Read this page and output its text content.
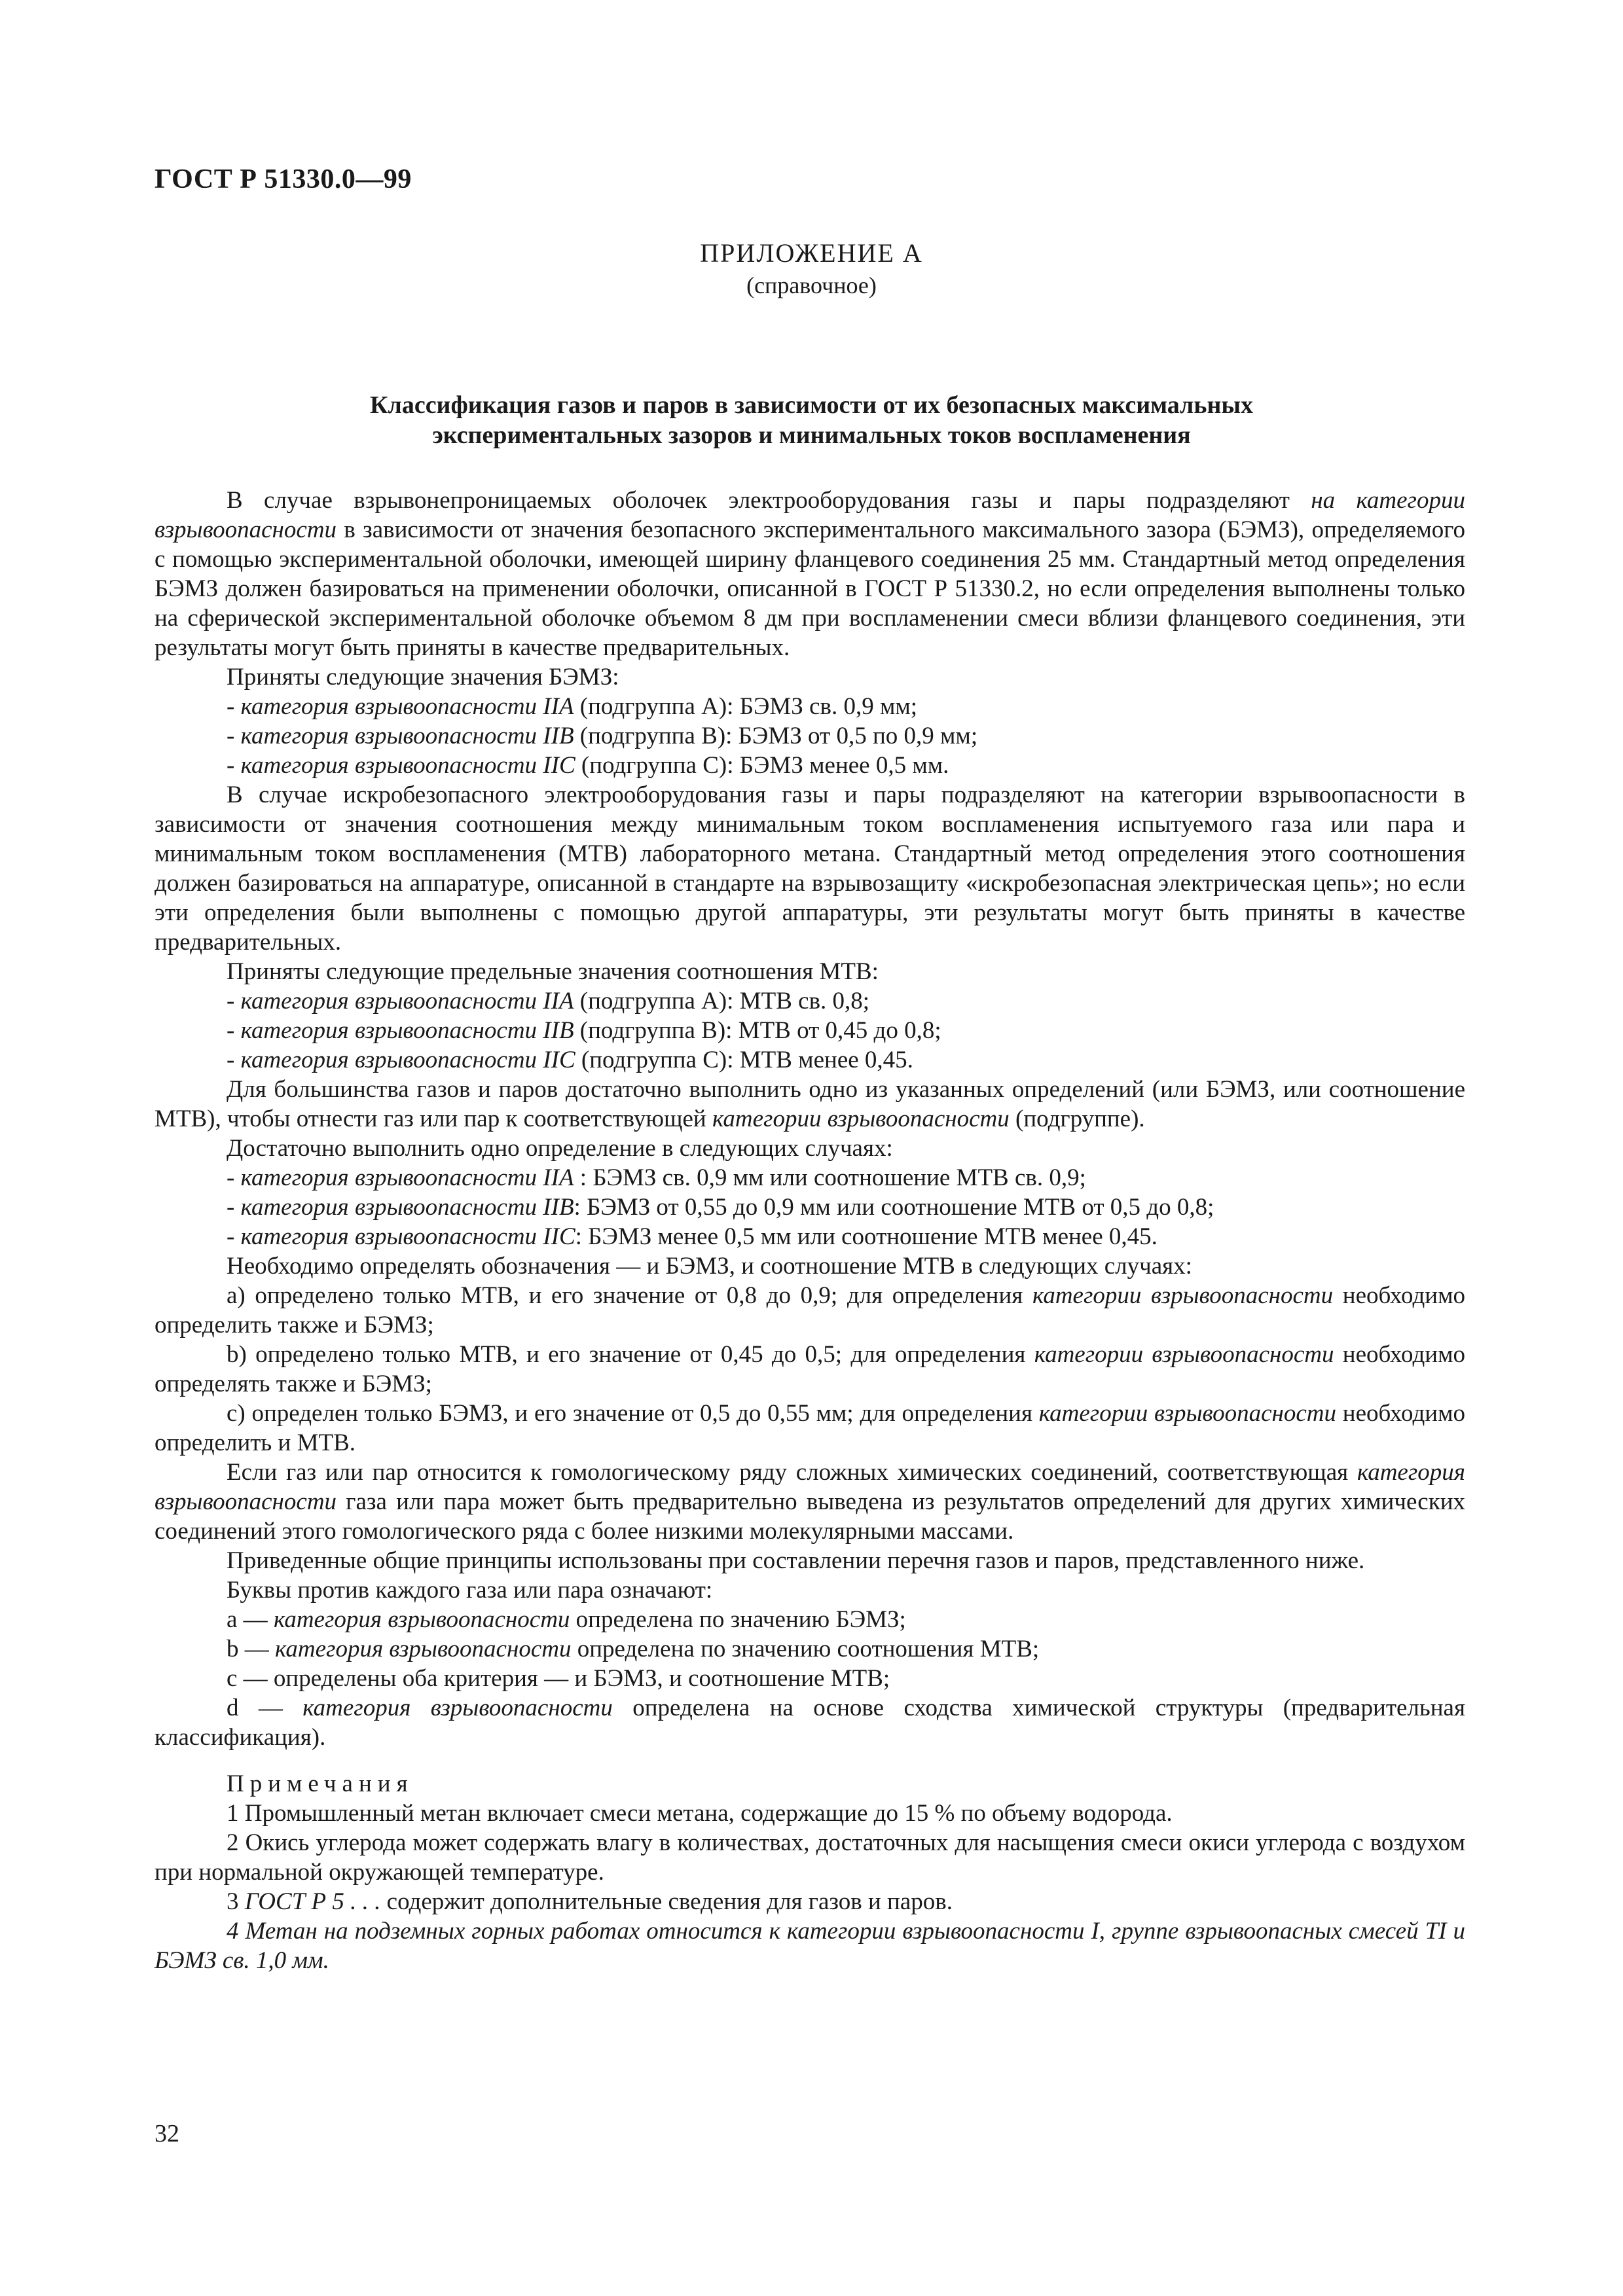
ГОСТ Р 51330.0—99
ПРИЛОЖЕНИЕ А
(справочное)
Классификация газов и паров в зависимости от их безопасных максимальных
экспериментальных зазоров и минимальных токов воспламенения

В случае взрывонепроницаемых оболочек электрооборудования газы и пары подразделяют на категории взрывоопасности в зависимости от значения безопасного экспериментального максимального зазора (БЭМЗ), определяемого с помощью экспериментальной оболочки, имеющей ширину фланцевого соединения 25 мм. Стандартный метод определения БЭМЗ должен базироваться на применении оболочки, описанной в ГОСТ Р 51330.2, но если определения выполнены только на сферической экспериментальной оболочке объемом 8 дм при воспламенении смеси вблизи фланцевого соединения, эти результаты могут быть приняты в качестве предварительных.

Приняты следующие значения БЭМЗ:

- категория взрывоопасности IIA (подгруппа А): БЭМЗ св. 0,9 мм;

- категория взрывоопасности IIB (подгруппа В): БЭМЗ от 0,5 по 0,9 мм;

- категория взрывоопасности IIC (подгруппа С): БЭМЗ менее 0,5 мм.

В случае искробезопасного электрооборудования газы и пары подразделяют на категории взрывоопасности в зависимости от значения соотношения между минимальным током воспламенения испытуемого газа или пара и минимальным током воспламенения (МТВ) лабораторного метана. Стандартный метод определения этого соотношения должен базироваться на аппаратуре, описанной в стандарте на взрывозащиту «искробезопасная электрическая цепь»; но если эти определения были выполнены с помощью другой аппаратуры, эти результаты могут быть приняты в качестве предварительных.

Приняты следующие предельные значения соотношения МТВ:

- категория взрывоопасности IIA (подгруппа А): МТВ св. 0,8;

- категория взрывоопасности IIB (подгруппа В): МТВ от 0,45 до 0,8;

- категория взрывоопасности IIC (подгруппа С): МТВ менее 0,45.

Для большинства газов и паров достаточно выполнить одно из указанных определений (или БЭМЗ, или соотношение МТВ), чтобы отнести газ или пар к соответствующей категории взрывоопасности (подгруппе).

Достаточно выполнить одно определение в следующих случаях:

- категория взрывоопасности IIA : БЭМЗ св. 0,9 мм или соотношение МТВ св. 0,9;

- категория взрывоопасности IIB: БЭМЗ от 0,55 до 0,9 мм или соотношение МТВ от 0,5 до 0,8;

- категория взрывоопасности IIC: БЭМЗ менее 0,5 мм или соотношение МТВ менее 0,45.

Необходимо определять обозначения — и БЭМЗ, и соотношение МТВ в следующих случаях:

а) определено только МТВ, и его значение от 0,8 до 0,9; для определения категории взрывоопасности необходимо определить также и БЭМЗ;

b) определено только МТВ, и его значение от 0,45 до 0,5; для определения категории взрывоопасности необходимо определять также и БЭМЗ;

с) определен только БЭМЗ, и его значение от 0,5 до 0,55 мм; для определения категории взрывоопасности необходимо определить и МТВ.

Если газ или пар относится к гомологическому ряду сложных химических соединений, соответствующая категория взрывоопасности газа или пара может быть предварительно выведена из результатов определений для других химических соединений этого гомологического ряда с более низкими молекулярными массами.

Приведенные общие принципы использованы при составлении перечня газов и паров, представленного ниже.

Буквы против каждого газа или пара означают:

а — категория взрывоопасности определена по значению БЭМЗ;

b — категория взрывоопасности определена по значению соотношения МТВ;

с — определены оба критерия — и БЭМЗ, и соотношение МТВ;

d — категория взрывоопасности определена на основе сходства химической структуры (предварительная классификация).

Примечания

1 Промышленный метан включает смеси метана, содержащие до 15 % по объему водорода.

2 Окись углерода может содержать влагу в количествах, достаточных для насыщения смеси окиси углерода с воздухом при нормальной окружающей температуре.

3 ГОСТ Р 5 . . . содержит дополнительные сведения для газов и паров.

4 Метан на подземных горных работах относится к категории взрывоопасности I, группе взрывоопасных смесей TI и БЭМЗ св. 1,0 мм.

32
